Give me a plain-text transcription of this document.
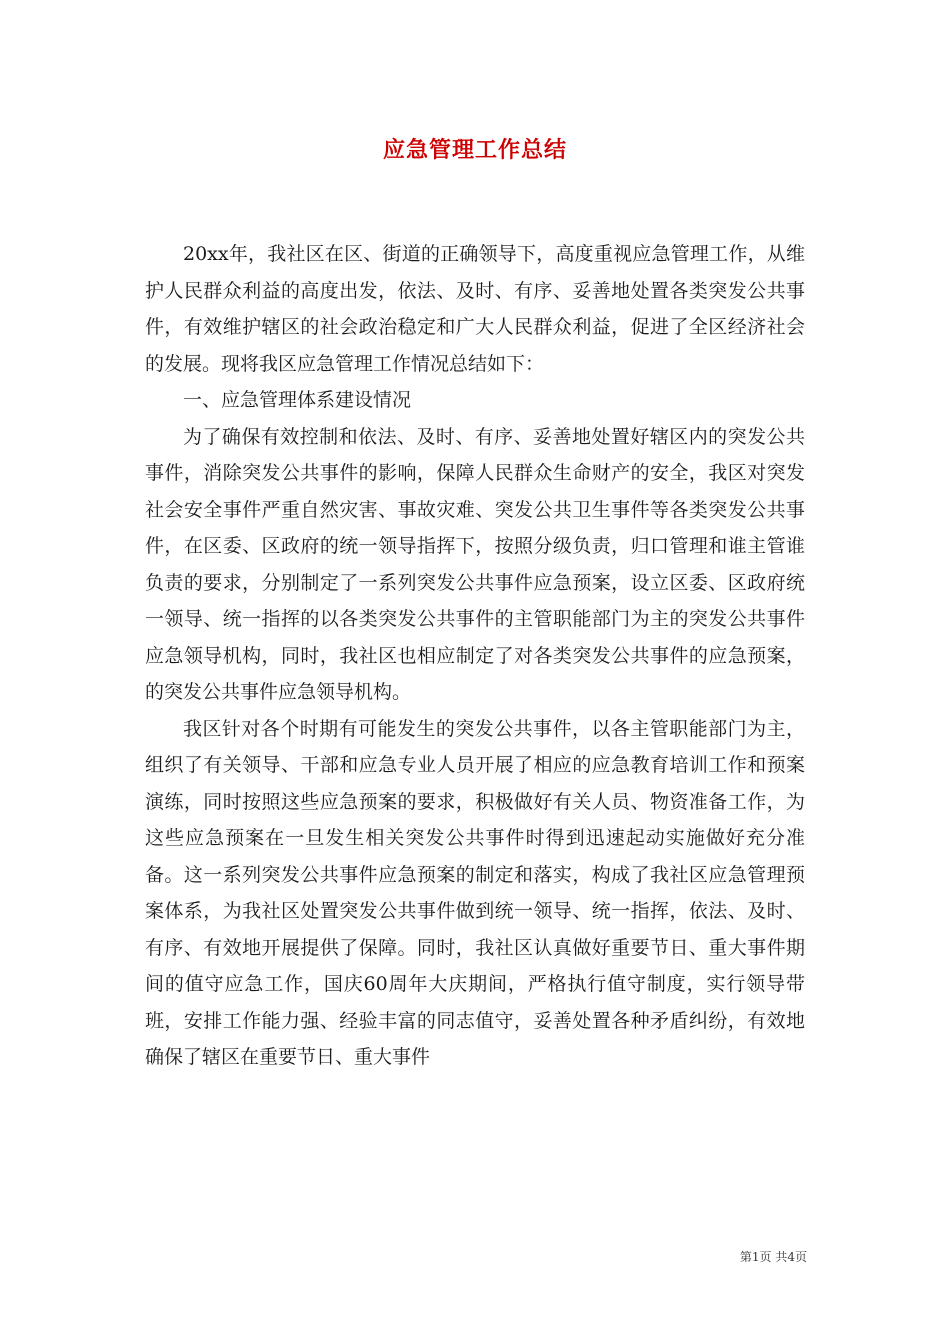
应急管理工作总结

20xx年，我社区在区、街道的正确领导下，高度重视应急管理工作，从维护人民群众利益的高度出发，依法、及时、有序、妥善地处置各类突发公共事件，有效维护辖区的社会政治稳定和广大人民群众利益，促进了全区经济社会的发展。现将我区应急管理工作情况总结如下：

一、应急管理体系建设情况

为了确保有效控制和依法、及时、有序、妥善地处置好辖区内的突发公共事件，消除突发公共事件的影响，保障人民群众生命财产的安全，我区对突发社会安全事件严重自然灾害、事故灾难、突发公共卫生事件等各类突发公共事件，在区委、区政府的统一领导指挥下，按照分级负责，归口管理和谁主管谁负责的要求，分别制定了一系列突发公共事件应急预案，设立区委、区政府统一领导、统一指挥的以各类突发公共事件的主管职能部门为主的突发公共事件应急领导机构，同时，我社区也相应制定了对各类突发公共事件的应急预案，的突发公共事件应急领导机构。

我区针对各个时期有可能发生的突发公共事件，以各主管职能部门为主，组织了有关领导、干部和应急专业人员开展了相应的应急教育培训工作和预案演练，同时按照这些应急预案的要求，积极做好有关人员、物资准备工作，为这些应急预案在一旦发生相关突发公共事件时得到迅速起动实施做好充分准备。这一系列突发公共事件应急预案的制定和落实，构成了我社区应急管理预案体系，为我社区处置突发公共事件做到统一领导、统一指挥，依法、及时、有序、有效地开展提供了保障。同时，我社区认真做好重要节日、重大事件期间的值守应急工作，国庆60周年大庆期间，严格执行值守制度，实行领导带班，安排工作能力强、经验丰富的同志值守，妥善处置各种矛盾纠纷，有效地确保了辖区在重要节日、重大事件

第1页 共4页
